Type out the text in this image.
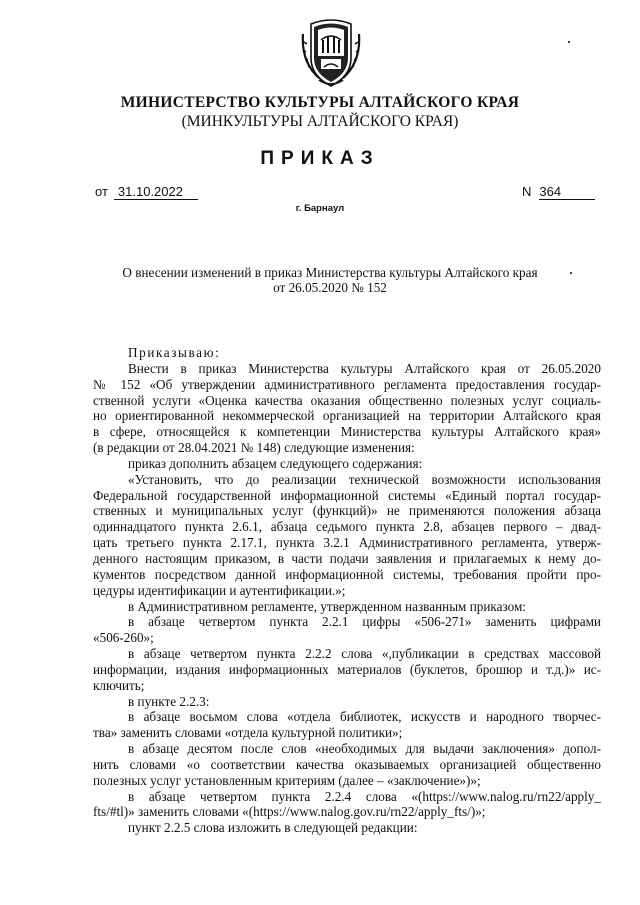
МИНИСТЕРСТВО КУЛЬТУРЫ АЛТАЙСКОГО КРАЯ
(МИНКУЛЬТУРЫ АЛТАЙСКОГО КРАЯ)
ПРИКАЗ
от 31.10.2022	N 364
г. Барнаул
О внесении изменений в приказ Министерства культуры Алтайского края от 26.05.2020 № 152

Приказываю:

Внести в приказ Министерства культуры Алтайского края от 26.05.2020

№ 152 «Об утверждении административного регламента предоставления государ-

ственной услуги «Оценка качества оказания общественно полезных услуг социаль-

но ориентированной некоммерческой организацией на территории Алтайского края

в сфере, относящейся к компетенции Министерства культуры Алтайского края»

(в редакции от 28.04.2021 № 148) следующие изменения:

приказ дополнить абзацем следующего содержания:

«Установить, что до реализации технической возможности использования

Федеральной государственной информационной системы «Единый портал государ-

ственных и муниципальных услуг (функций)» не применяются положения абзаца

одиннадцатого пункта 2.6.1, абзаца седьмого пункта 2.8, абзацев первого – двад-

цать третьего пункта 2.17.1, пункта 3.2.1 Административного регламента, утверж-

денного настоящим приказом, в части подачи заявления и прилагаемых к нему до-

кументов посредством данной информационной системы, требования пройти про-

цедуры идентификации и аутентификации.»;

в Административном регламенте, утвержденном названным приказом:

в абзаце четвертом пункта 2.2.1 цифры «506-271» заменить цифрами

«506-260»;

в абзаце четвертом пункта 2.2.2 слова «,публикации в средствах массовой

информации, издания информационных материалов (буклетов, брошюр и т.д.)» ис-

ключить;

в пункте 2.2.3:

в абзаце восьмом слова «отдела библиотек, искусств и народного творчес-

тва» заменить словами «отдела культурной политики»;

в абзаце десятом после слов «необходимых для выдачи заключения» допол-

нить словами «о соответствии качества оказываемых организацией общественно

полезных услуг установленным критериям (далее – «заключение»)»;

в абзаце четвертом пункта 2.2.4 слова «(https://www.nalog.ru/rn22/apply_

fts/#tl)» заменить словами «(https://www.nalog.gov.ru/rn22/apply_fts/)»;

пункт 2.2.5 слова изложить в следующей редакции:
